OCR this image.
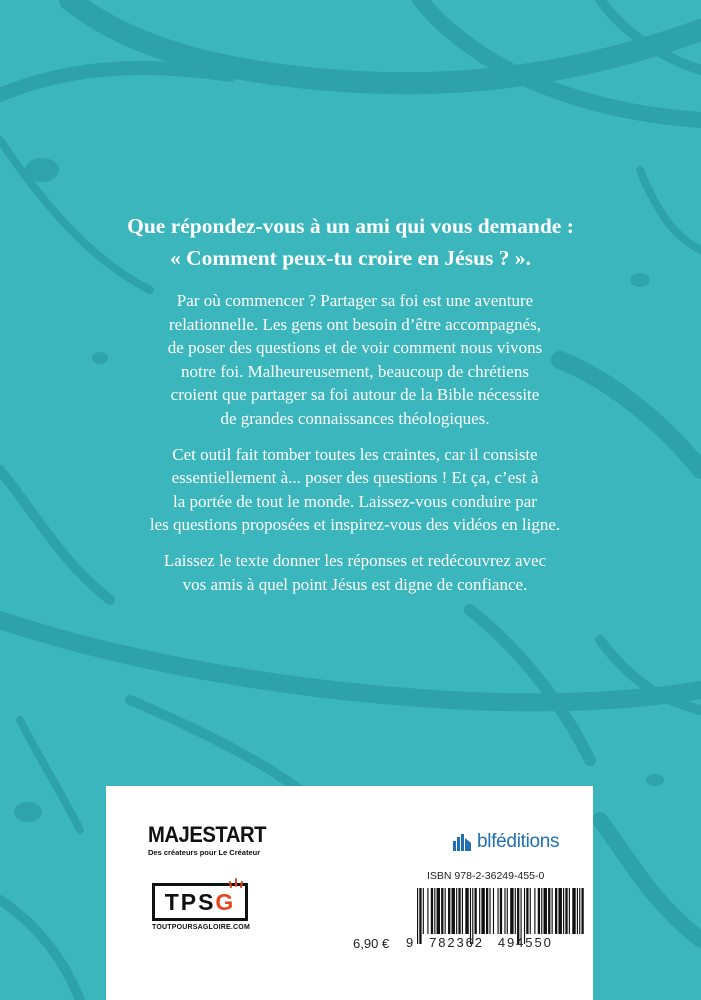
Que répondez-vous à un ami qui vous demande :
« Comment peux-tu croire en Jésus ? ».

Par où commencer ? Partager sa foi est une aventure
relationnelle. Les gens ont besoin d’être accompagnés,
de poser des questions et de voir comment nous vivons
notre foi. Malheureusement, beaucoup de chrétiens
croient que partager sa foi autour de la Bible nécessite
de grandes connaissances théologiques.

Cet outil fait tomber toutes les craintes, car il consiste
essentiellement à... poser des questions ! Et ça, c’est à
la portée de tout le monde. Laissez-vous conduire par
les questions proposées et inspirez-vous des vidéos en ligne.

Laissez le texte donner les réponses et redécouvrez avec
vos amis à quel point Jésus est digne de confiance.

MAJESTART
Des créateurs pour Le Créateur
TPS G
TOUTPOURSAGLOIRE.COM
blféditions
ISBN 978-2-36249-455-0
6,90 € 9 782362 494550
